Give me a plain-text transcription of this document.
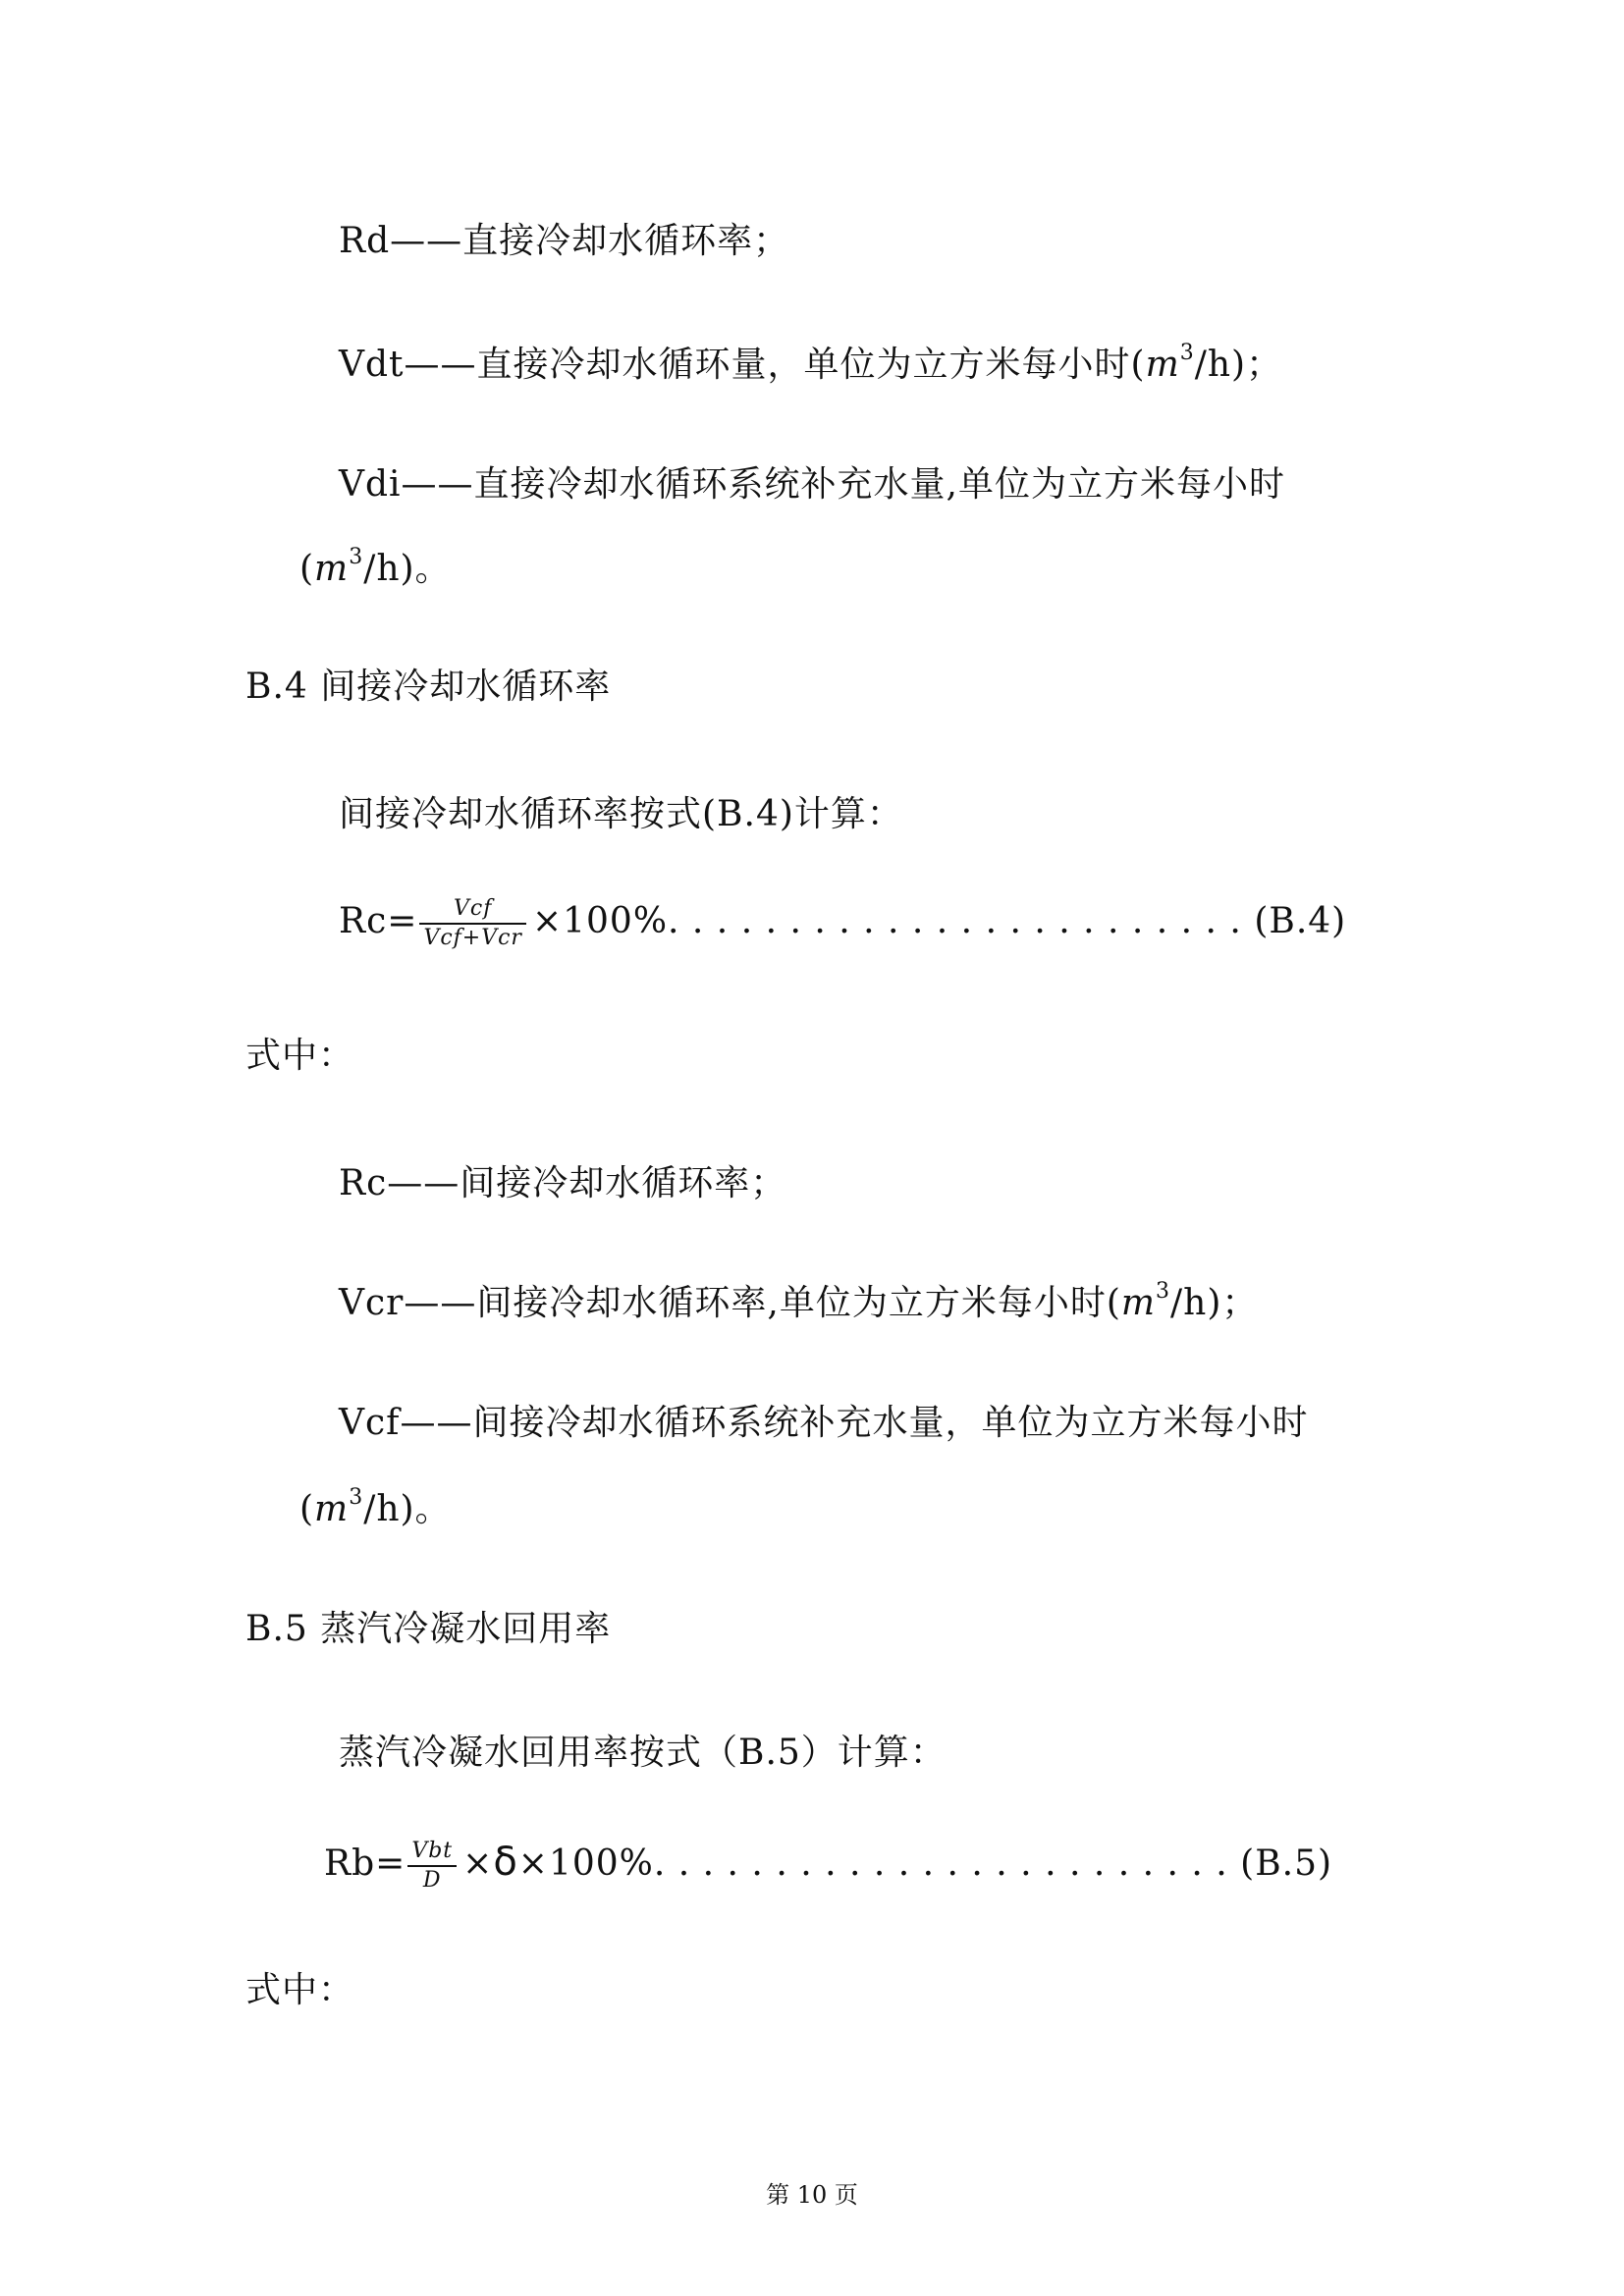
Rd——直接冷却水循环率；
Vdt——直接冷却水循环量，单位为立方米每小时$(m^3/h)$；
Vdi——直接冷却水循环系统补充水量,单位为立方米每小时
$(m^3/h)$。
B.4 间接冷却水循环率
间接冷却水循环率按式(B.4)计算：
$Rc= \frac{\text{Vcf}}{\text{Vcf+Vcr}} \times 100\%$. . . . . . . . . . . . . . . . . . . . . . . . (B.4)
式中：
Rc——间接冷却水循环率；
Vcr——间接冷却水循环率,单位为立方米每小时$(m^3/h)$；
Vcf——间接冷却水循环系统补充水量，单位为立方米每小时
$(m^3/h)$。
B.5 蒸汽冷凝水回用率
蒸汽冷凝水回用率按式（B.5）计算：
$Rb= \frac{\text{Vbt}}{D} \times\delta\times 100\%$. . . . . . . . . . . . . . . . . . . . . . . . (B.5)
式中：
第 10 页
